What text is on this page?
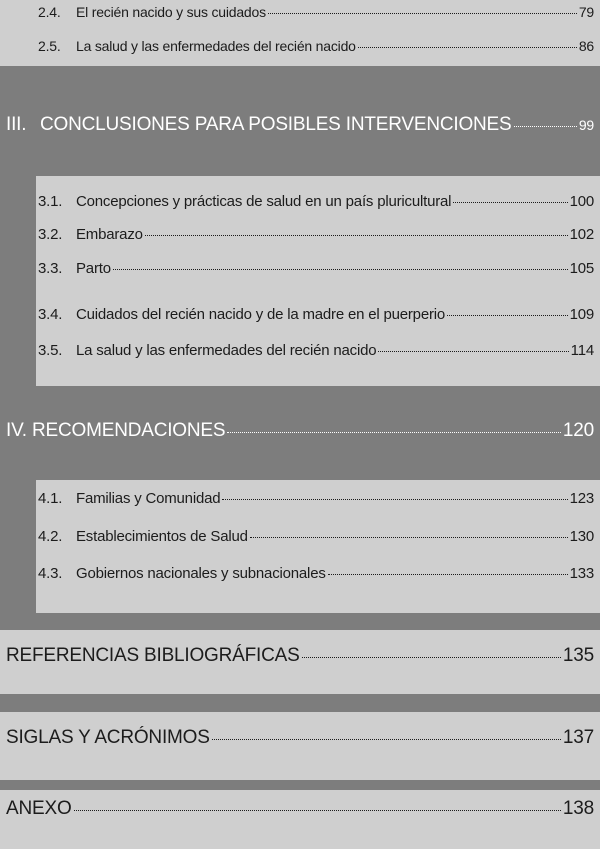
2.4.	El recién nacido y sus cuidados	79
2.5.	La salud y las enfermedades del recién nacido	86
III. CONCLUSIONES PARA POSIBLES INTERVENCIONES	99
3.1. Concepciones y prácticas de salud en un país pluricultural	100
3.2. Embarazo	102
3.3. Parto	105
3.4. Cuidados del recién nacido y de la madre en el puerperio	109
3.5. La salud y las enfermedades del recién nacido	114
IV. RECOMENDACIONES	120
4.1. Familias y Comunidad	123
4.2. Establecimientos de Salud	130
4.3. Gobiernos nacionales y subnacionales	133
REFERENCIAS BIBLIOGRÁFICAS	135
SIGLAS Y ACRÓNIMOS	137
ANEXO	138
